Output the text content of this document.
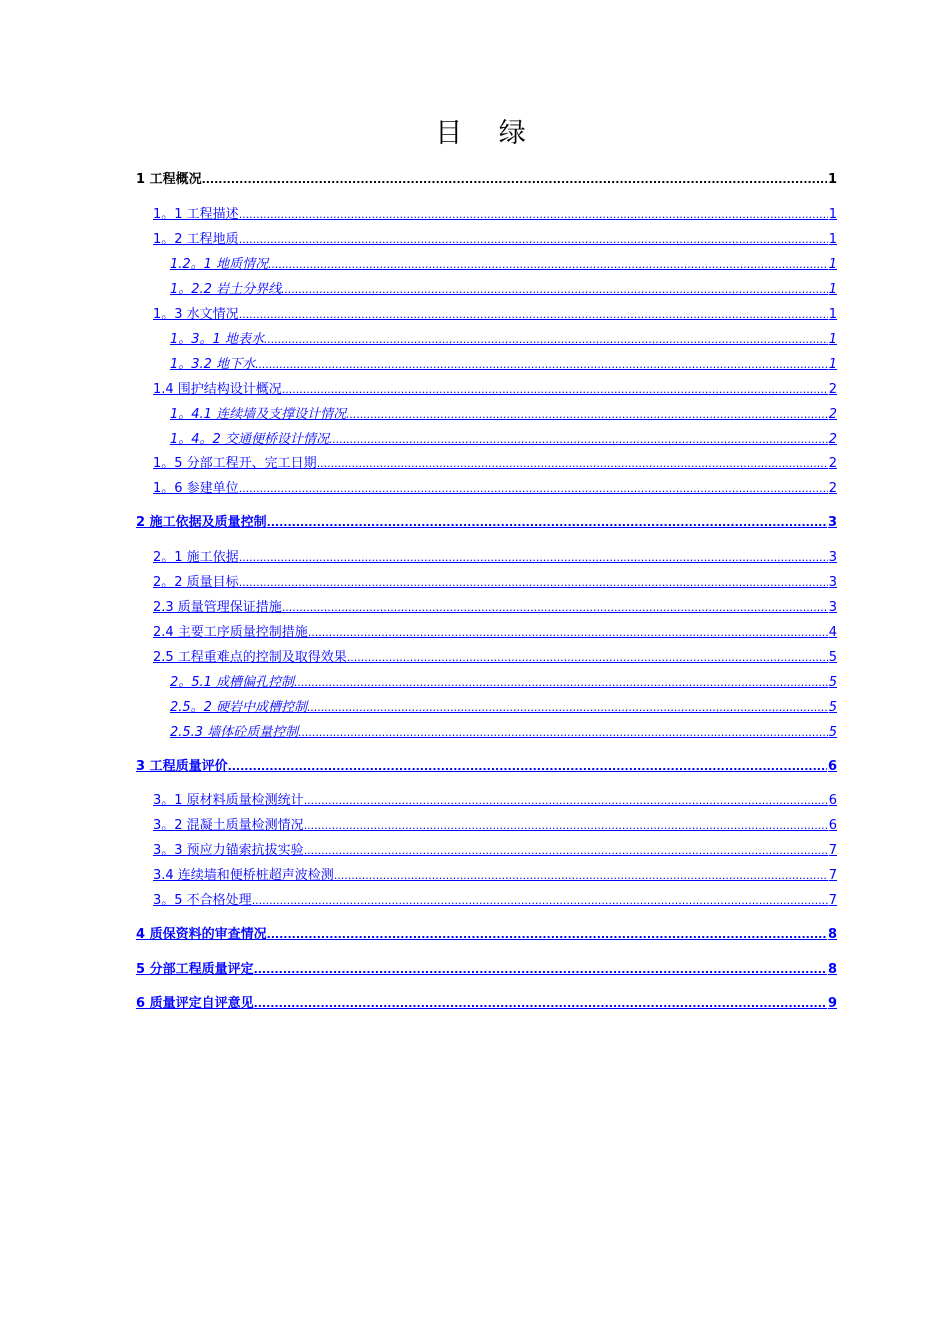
目 绿
1 工程概况 .....	1
1。1 工程描述 .....	1
1。2 工程地质 .....	1
1.2。1 地质情况 .....	1
1。2.2 岩土分界线 .....	1
1。3 水文情况 .....	1
1。3。1 地表水 .....	1
1。3.2 地下水 .....	1
1.4 围护结构设计概况 .....	2
1。4.1 连续墙及支撑设计情况 .....	2
1。4。2 交通便桥设计情况 .....	2
1。5 分部工程开、完工日期 .....	2
1。6 参建单位 .....	2
2 施工依据及质量控制 .....	3
2。1 施工依据 .....	3
2。2 质量目标 .....	3
2.3 质量管理保证措施 .....	3
2.4 主要工序质量控制措施 .....	4
2.5 工程重难点的控制及取得效果 .....	5
2。5.1 成槽偏孔控制 .....	5
2.5。2 硬岩中成槽控制 .....	5
2.5.3 墙体砼质量控制 .....	5
3 工程质量评价 .....	6
3。1 原材料质量检测统计 .....	6
3。2 混凝土质量检测情况 .....	6
3。3 预应力锚索抗拔实验 .....	7
3.4 连续墙和便桥桩超声波检测 .....	7
3。5 不合格处理 .....	7
4 质保资料的审查情况 .....	8
5 分部工程质量评定 .....	8
6 质量评定自评意见 .....	9
